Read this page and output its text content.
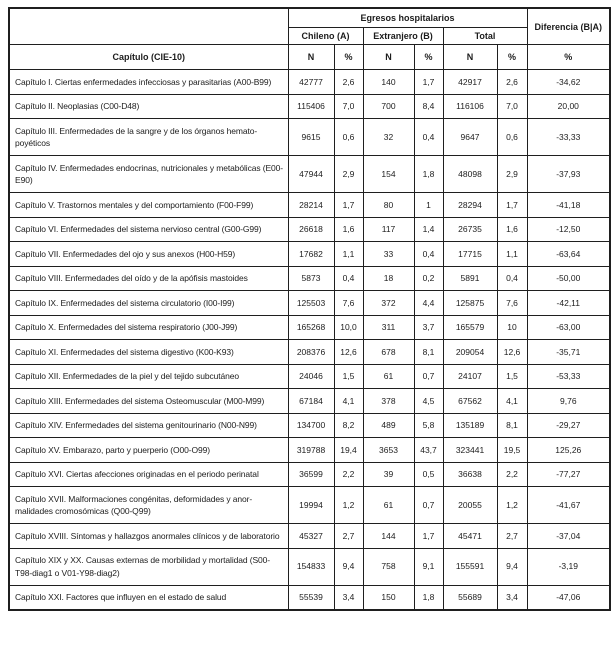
	Egresos hospitalarios						Diferencia (B|A)
	Chileno (A)		Extranjero (B)		Total		
Capítulo (CIE-10)	N	%	N	%	N	%	%
Capítulo I. Ciertas enfermedades infecciosas y parasitarias (A00-B99)	42777	2,6	140	1,7	42917	2,6	-34,62
Capítulo II. Neoplasias (C00-D48)	115406	7,0	700	8,4	116106	7,0	20,00
Capítulo III. Enfermedades de la sangre y de los órganos hemato-poyéticos	9615	0,6	32	0,4	9647	0,6	-33,33
Capítulo IV. Enfermedades endocrinas, nutricionales y metabólicas (E00-E90)	47944	2,9	154	1,8	48098	2,9	-37,93
Capítulo V. Trastornos mentales y del comportamiento (F00-F99)	28214	1,7	80	1	28294	1,7	-41,18
Capítulo VI. Enfermedades del sistema nervioso central (G00-G99)	26618	1,6	117	1,4	26735	1,6	-12,50
Capítulo VII. Enfermedades del ojo y sus anexos (H00-H59)	17682	1,1	33	0,4	17715	1,1	-63,64
Capítulo VIII. Enfermedades del oído y de la apófisis mastoides	5873	0,4	18	0,2	5891	0,4	-50,00
Capítulo IX. Enfermedades del sistema circulatorio (I00-I99)	125503	7,6	372	4,4	125875	7,6	-42,11
Capítulo X. Enfermedades del sistema respiratorio (J00-J99)	165268	10,0	311	3,7	165579	10	-63,00
Capítulo XI. Enfermedades del sistema digestivo (K00-K93)	208376	12,6	678	8,1	209054	12,6	-35,71
Capítulo XII. Enfermedades de la piel y del tejido subcutáneo	24046	1,5	61	0,7	24107	1,5	-53,33
Capítulo XIII. Enfermedades del sistema Osteomuscular (M00-M99)	67184	4,1	378	4,5	67562	4,1	9,76
Capítulo XIV. Enfermedades del sistema genitourinario (N00-N99)	134700	8,2	489	5,8	135189	8,1	-29,27
Capítulo XV. Embarazo, parto y puerperio (O00-O99)	319788	19,4	3653	43,7	323441	19,5	125,26
Capítulo XVI. Ciertas afecciones originadas en el periodo perinatal	36599	2,2	39	0,5	36638	2,2	-77,27
Capítulo XVII. Malformaciones congénitas, deformidades y anor-malidades cromosómicas (Q00-Q99)	19994	1,2	61	0,7	20055	1,2	-41,67
Capítulo XVIII. Síntomas y hallazgos anormales clínicos y de laboratorio	45327	2,7	144	1,7	45471	2,7	-37,04
Capítulo XIX y XX. Causas externas de morbilidad y mortalidad (S00-T98-diag1 o V01-Y98-diag2)	154833	9,4	758	9,1	155591	9,4	-3,19
Capítulo XXI. Factores que influyen en el estado de salud	55539	3,4	150	1,8	55689	3,4	-47,06
